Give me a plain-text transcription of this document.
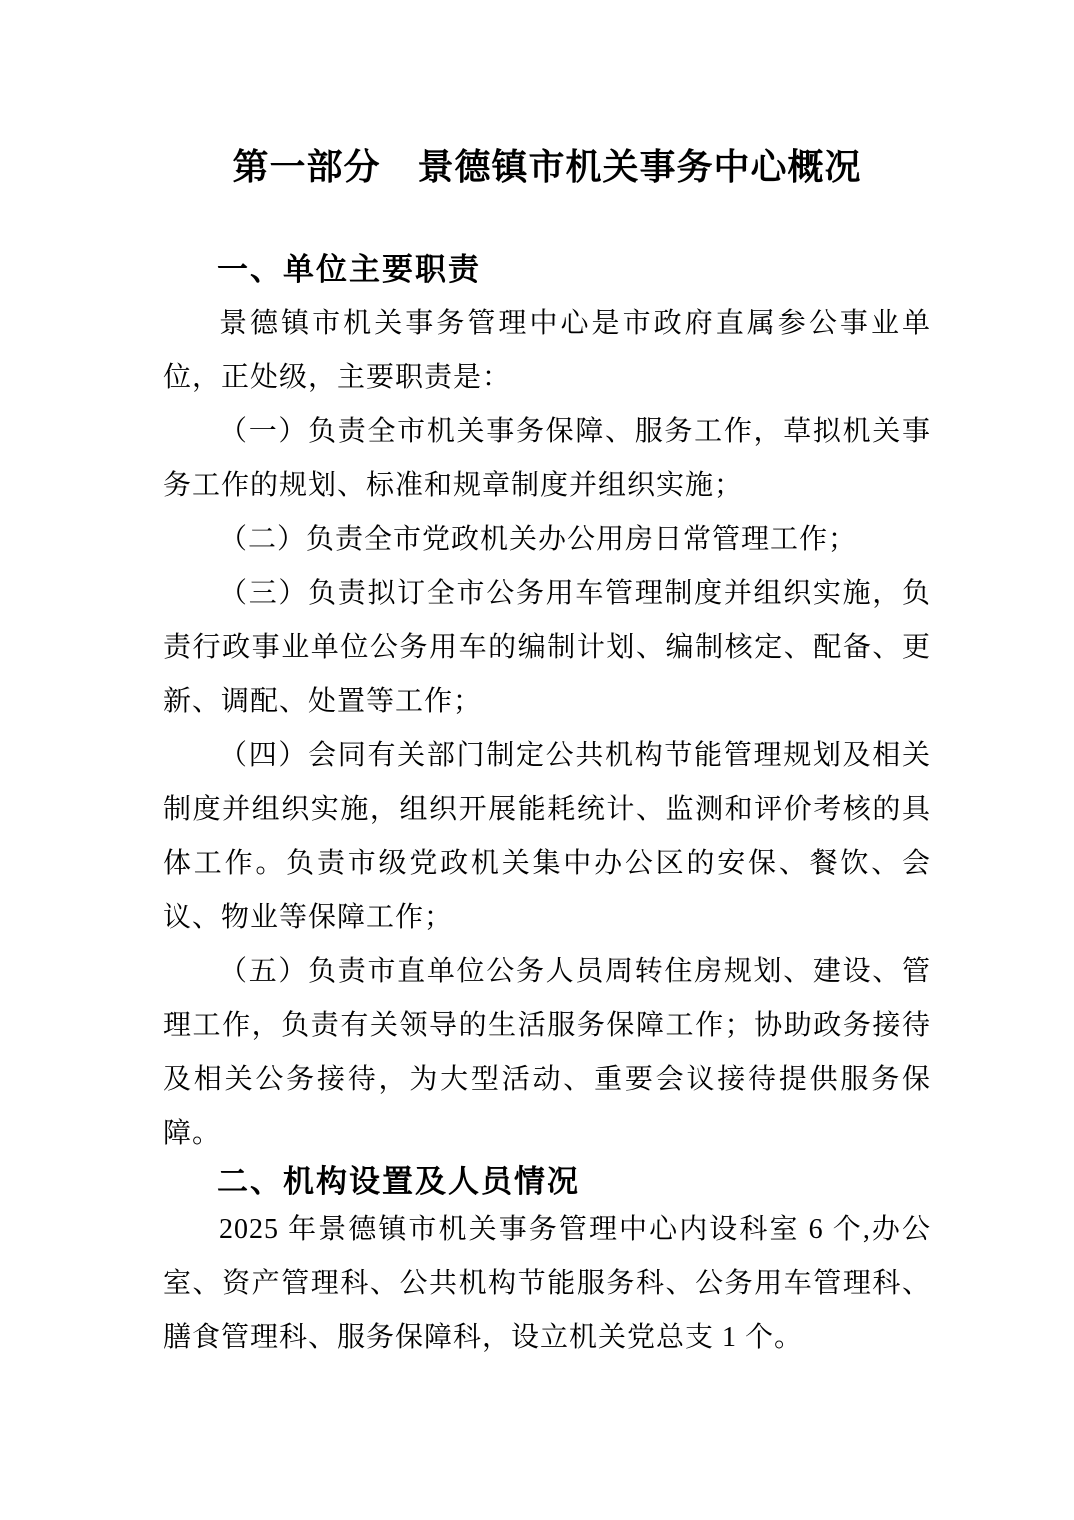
第一部分　景德镇市机关事务中心概况
一、单位主要职责

景德镇市机关事务管理中心是市政府直属参公事业单位，正处级，主要职责是：

（一）负责全市机关事务保障、服务工作，草拟机关事务工作的规划、标准和规章制度并组织实施；

（二）负责全市党政机关办公用房日常管理工作；

（三）负责拟订全市公务用车管理制度并组织实施，负责行政事业单位公务用车的编制计划、编制核定、配备、更新、调配、处置等工作；

（四）会同有关部门制定公共机构节能管理规划及相关制度并组织实施，组织开展能耗统计、监测和评价考核的具体工作。负责市级党政机关集中办公区的安保、餐饮、会议、物业等保障工作；

（五）负责市直单位公务人员周转住房规划、建设、管理工作，负责有关领导的生活服务保障工作；协助政务接待及相关公务接待，为大型活动、重要会议接待提供服务保障。

二、机构设置及人员情况

2025 年景德镇市机关事务管理中心内设科室 6 个,办公室、资产管理科、公共机构节能服务科、公务用车管理科、膳食管理科、服务保障科，设立机关党总支 1 个。
